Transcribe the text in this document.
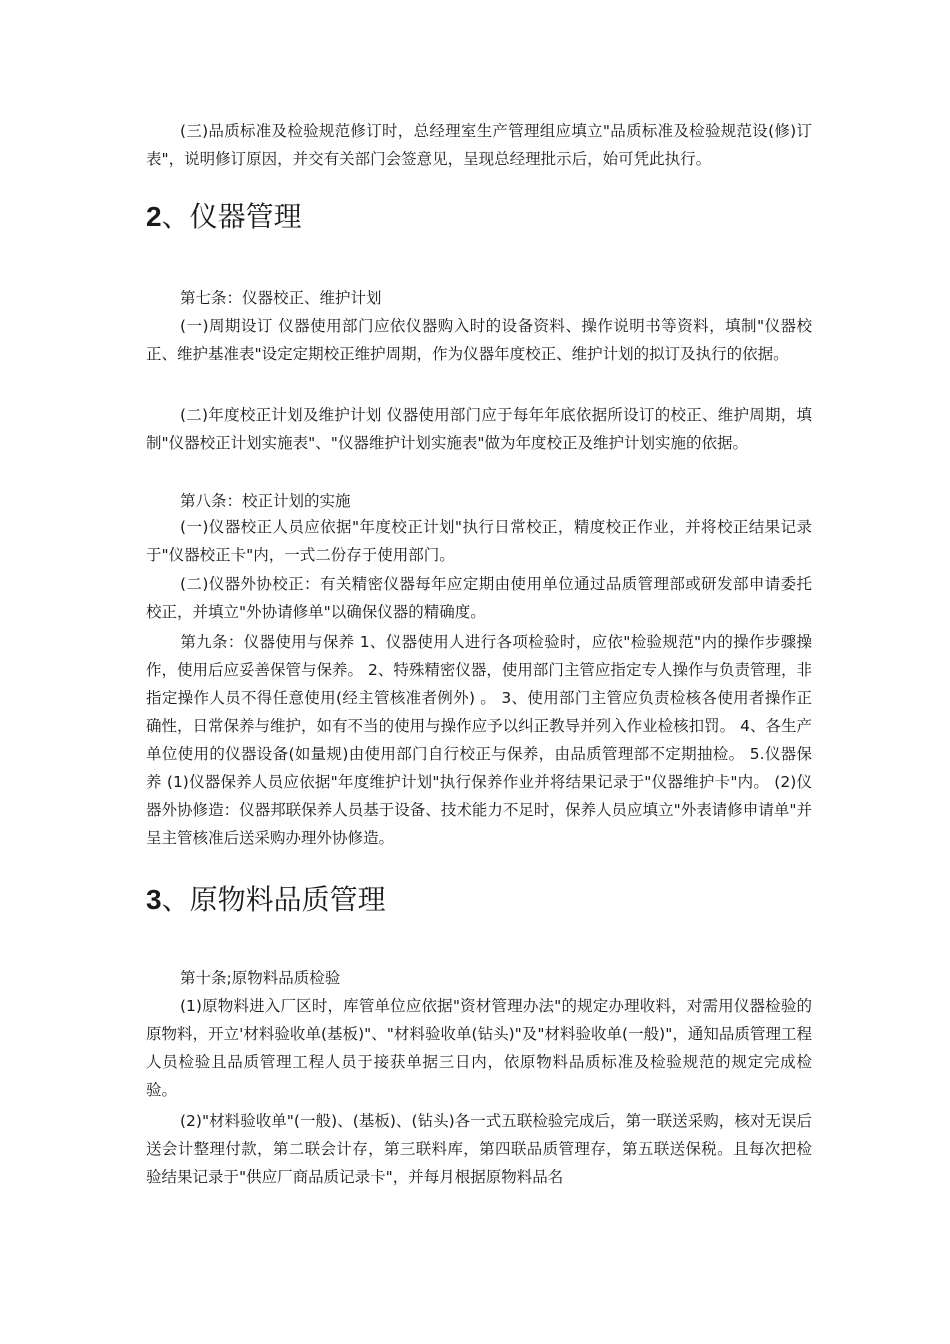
(三)品质标准及检验规范修订时，总经理室生产管理组应填立"品质标准及检验规范设(修)订表"，说明修订原因，并交有关部门会签意见，呈现总经理批示后，始可凭此执行。

2、仪器管理

第七条：仪器校正、维护计划

(一)周期设订 仪器使用部门应依仪器购入时的设备资料、操作说明书等资料，填制"仪器校正、维护基准表"设定定期校正维护周期，作为仪器年度校正、维护计划的拟订及执行的依据。

(二)年度校正计划及维护计划 仪器使用部门应于每年年底依据所设订的校正、维护周期，填制"仪器校正计划实施表"、"仪器维护计划实施表"做为年度校正及维护计划实施的依据。

第八条：校正计划的实施

(一)仪器校正人员应依据"年度校正计划"执行日常校正，精度校正作业，并将校正结果记录于"仪器校正卡"内，一式二份存于使用部门。

(二)仪器外协校正：有关精密仪器每年应定期由使用单位通过品质管理部或研发部申请委托校正，并填立"外协请修单"以确保仪器的精确度。

第九条：仪器使用与保养 1、仪器使用人进行各项检验时，应依"检验规范"内的操作步骤操作，使用后应妥善保管与保养。 2、特殊精密仪器，使用部门主管应指定专人操作与负责管理，非指定操作人员不得任意使用(经主管核准者例外) 。 3、使用部门主管应负责检核各使用者操作正确性，日常保养与维护，如有不当的使用与操作应予以纠正教导并列入作业检核扣罚。 4、各生产单位使用的仪器设备(如量规)由使用部门自行校正与保养，由品质管理部不定期抽检。 5.仪器保养 (1)仪器保养人员应依据"年度维护计划"执行保养作业并将结果记录于"仪器维护卡"内。 (2)仪器外协修造：仪器邦联保养人员基于设备、技术能力不足时，保养人员应填立"外表请修申请单"并呈主管核准后送采购办理外协修造。

3、原物料品质管理

第十条;原物料品质检验

(1)原物料进入厂区时，库管单位应依据"资材管理办法"的规定办理收料，对需用仪器检验的原物料，开立'材料验收单(基板)"、"材料验收单(钻头)"及"材料验收单(一般)"，通知品质管理工程人员检验且品质管理工程人员于接获单据三日内，依原物料品质标准及检验规范的规定完成检验。

(2)"材料验收单"(一般)、(基板)、(钻头)各一式五联检验完成后，第一联送采购，核对无误后送会计整理付款，第二联会计存，第三联料库，第四联品质管理存，第五联送保税。且每次把检验结果记录于"供应厂商品质记录卡"，并每月根据原物料品名
